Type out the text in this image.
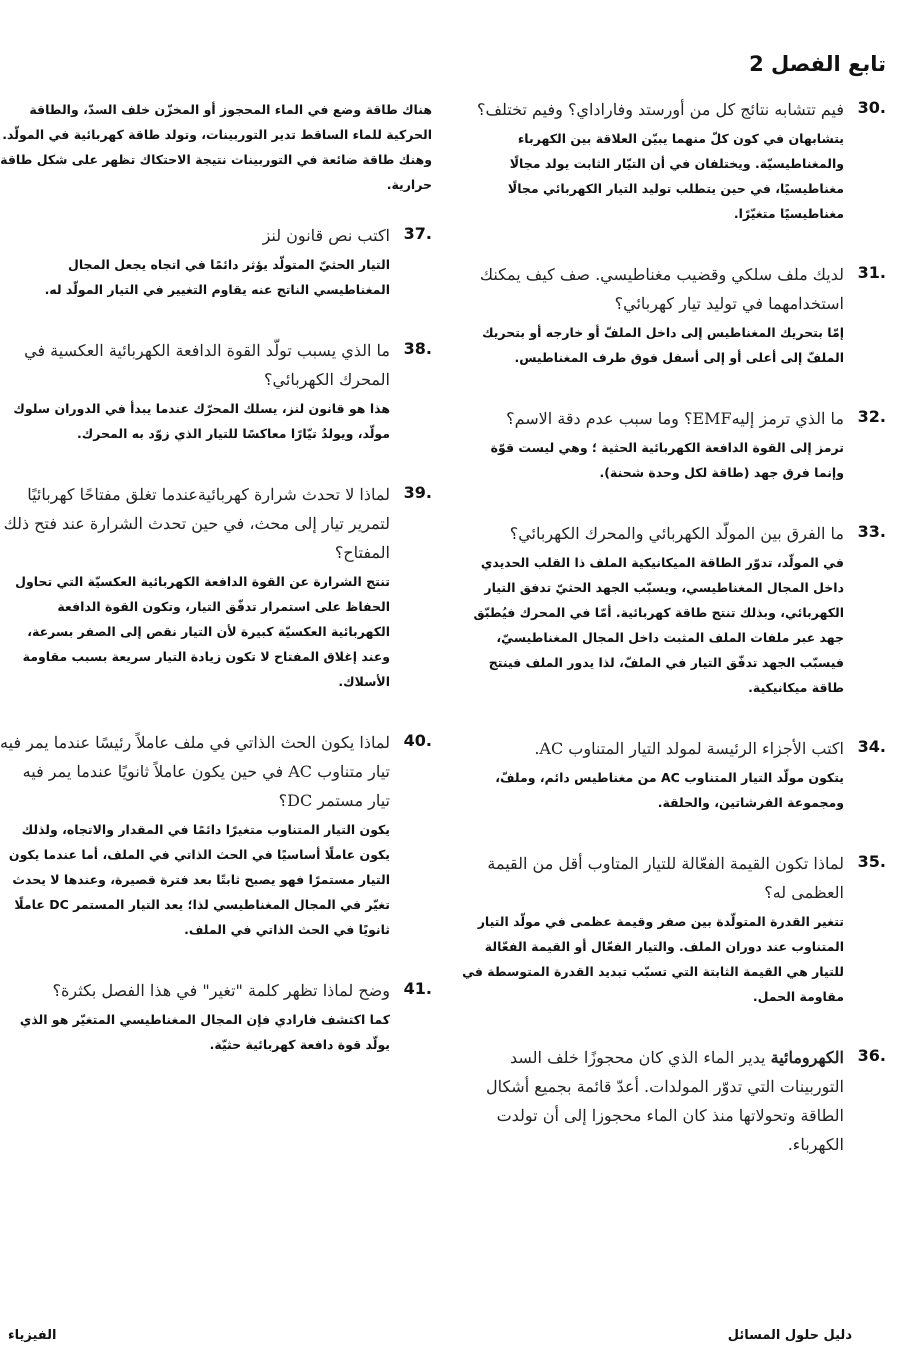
تابع الفصل 2
.30
فيم تتشابه نتائج كل من أورستد وفاراداي؟ وفيم تختلف؟
يتشابهان في كون كلّ منهما يبيّن العلاقة بين الكهرباء والمغناطيسيّة. ويختلفان في أن التيّار الثابت يولد مجالًا مغناطيسيًا، في حين يتطلب توليد التيار الكهربائي مجالًا مغناطيسيًا متغيّرًا.
.31
لديك ملف سلكي وقضيب مغناطيسي. صف كيف يمكنك استخدامهما في توليد تيار كهربائي؟
إمّا بتحريك المغناطيس إلى داخل الملفّ أو خارجه أو بتحريك الملفّ إلى أعلى أو إلى أسفل فوق طرف المغناطيس.
.32
ما الذي ترمز إليهEMF؟ وما سبب عدم دقة الاسم؟
ترمز إلى القوة الدافعة الكهربائية الحثية ؛ وهي ليست قوّة وإنما فرق جهد (طاقة لكل وحدة شحنة).
.33
ما الفرق بين المولّد الكهربائي والمحرك الكهربائي؟
في المولّد، تدوّر الطاقة الميكانيكية الملف ذا القلب الحديدي داخل المجال المغناطيسي، ويسبّب الجهد الحثيّ تدفق التيار الكهربائي، وبذلك تنتج طاقة كهربائية. أمّا في المحرك فيُطبّق جهد عبر ملفات الملف المثبت داخل المجال المغناطيسيّ، فيسبّب الجهد تدفّق التيار في الملفّ، لذا يدور الملف فينتج طاقة ميكانيكية.
.34
اكتب الأجزاء الرئيسة لمولد التيار المتناوب AC.
يتكون مولّد التيار المتناوب AC من مغناطيس دائم، وملفّ، ومجموعة الفرشاتين، والحلقة.
.35
لماذا تكون القيمة الفعّالة للتيار المتاوب أقل من القيمة العظمى له؟
تتغير القدرة المتولّدة بين صفر وقيمة عظمى في مولّد التيار المتناوب عند دوران الملف. والتيار الفعّال أو القيمة الفعّالة للتيار هي القيمة الثابتة التي تسبّب تبديد القدرة المتوسطة في مقاومة الحمل.
.36
الكهرومائية يدير الماء الذي كان محجوزًا خلف السد التوربينات التي تدوّر المولدات. أعدّ قائمة بجميع أشكال الطاقة وتحولاتها منذ كان الماء محجوزا إلى أن تولدت الكهرباء.
هناك طاقة وضع في الماء المحجوز أو المخزّن خلف السدّ، والطاقة الحركية للماء الساقط تدير التوربينات، وتولد طاقة كهربائية في المولّد. وهنك طاقة ضائعة في التوربينات نتيجة الاحتكاك تظهر على شكل طاقة حرارية.
.37
اكتب نص قانون لنز
التيار الحثيّ المتولّد يؤثر دائمًا في اتجاه يجعل المجال المغناطيسي الناتج عنه يقاوم التغيير في التيار المولّد له.
.38
ما الذي يسبب تولّد القوة الدافعة الكهربائية العكسية في المحرك الكهربائي؟
هذا هو قانون لنز، يسلك المحرّك عندما يبدأ في الدوران سلوك مولّد، ويولدُ تيّارًا معاكسًا للتيار الذي زوّد به المحرك.
.39
لماذا لا تحدث شرارة كهربائيةعندما تغلق مفتاحًا كهربائيًا لتمرير تيار إلى محث، في حين تحدث الشرارة عند فتح ذلك المفتاح؟
تنتج الشرارة عن القوة الدافعة الكهربائية العكسيّة التي تحاول الحفاظ على استمرار تدفّق التيار، وتكون القوة الدافعة الكهربائية العكسيّة كبيرة لأن التيار نقص إلى الصفر بسرعة، وعند إغلاق المفتاح لا تكون زيادة التيار سريعة بسبب مقاومة الأسلاك.
.40
لماذا يكون الحث الذاتي في ملف عاملاً رئيسًا عندما يمر فيه تيار متناوب AC في حين يكون عاملاً ثانويًا عندما يمر فيه تيار مستمر DC؟
يكون التيار المتناوب متغيرًا دائمًا في المقدار والاتجاه، ولذلك يكون عاملًا أساسيًا في الحث الذاتي في الملف، أما عندما يكون التيار مستمرًا فهو يصبح ثابتًا بعد فترة قصيرة، وعندها لا يحدث تغيّر في المجال المغناطيسي لذا؛ يعد التيار المستمر DC عاملًا ثانويًا في الحث الذاتي في الملف.
.41
وضح لماذا تظهر كلمة "تغير" في هذا الفصل بكثرة؟
كما اكتشف فارادي فإن المجال المغناطيسي المتغيّر هو الذي يولّد قوة دافعة كهربائية حثيّة.
دليل حلول المسائل
الفيزياء
